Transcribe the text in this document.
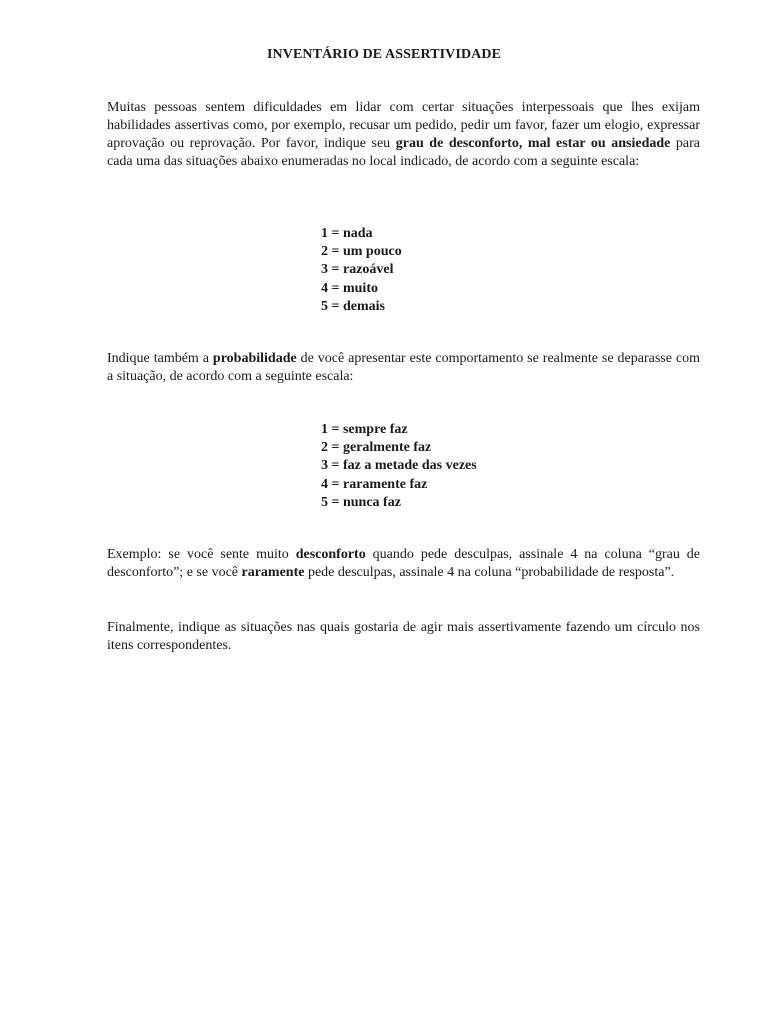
INVENTÁRIO DE ASSERTIVIDADE
Muitas pessoas sentem dificuldades em lidar com certar situações interpessoais que lhes exijam habilidades assertivas como, por exemplo, recusar um pedido, pedir um favor, fazer um elogio, expressar aprovação ou reprovação. Por favor, indique seu grau de desconforto, mal estar ou ansiedade para cada uma das situações abaixo enumeradas no local indicado, de acordo com a seguinte escala:
1 = nada
2 = um pouco
3 = razoável
4 = muito
5 = demais
Indique também a probabilidade de você apresentar este comportamento se realmente se deparasse com a situação, de acordo com a seguinte escala:
1 = sempre faz
2 = geralmente faz
3 = faz a metade das vezes
4 = raramente faz
5 = nunca faz
Exemplo: se você sente muito desconforto quando pede desculpas, assinale 4 na coluna “grau de desconforto”; e se você raramente pede desculpas, assinale 4 na coluna “probabilidade de resposta”.
Finalmente, indique as situações nas quais gostaria de agir mais assertivamente fazendo um círculo nos itens correspondentes.
